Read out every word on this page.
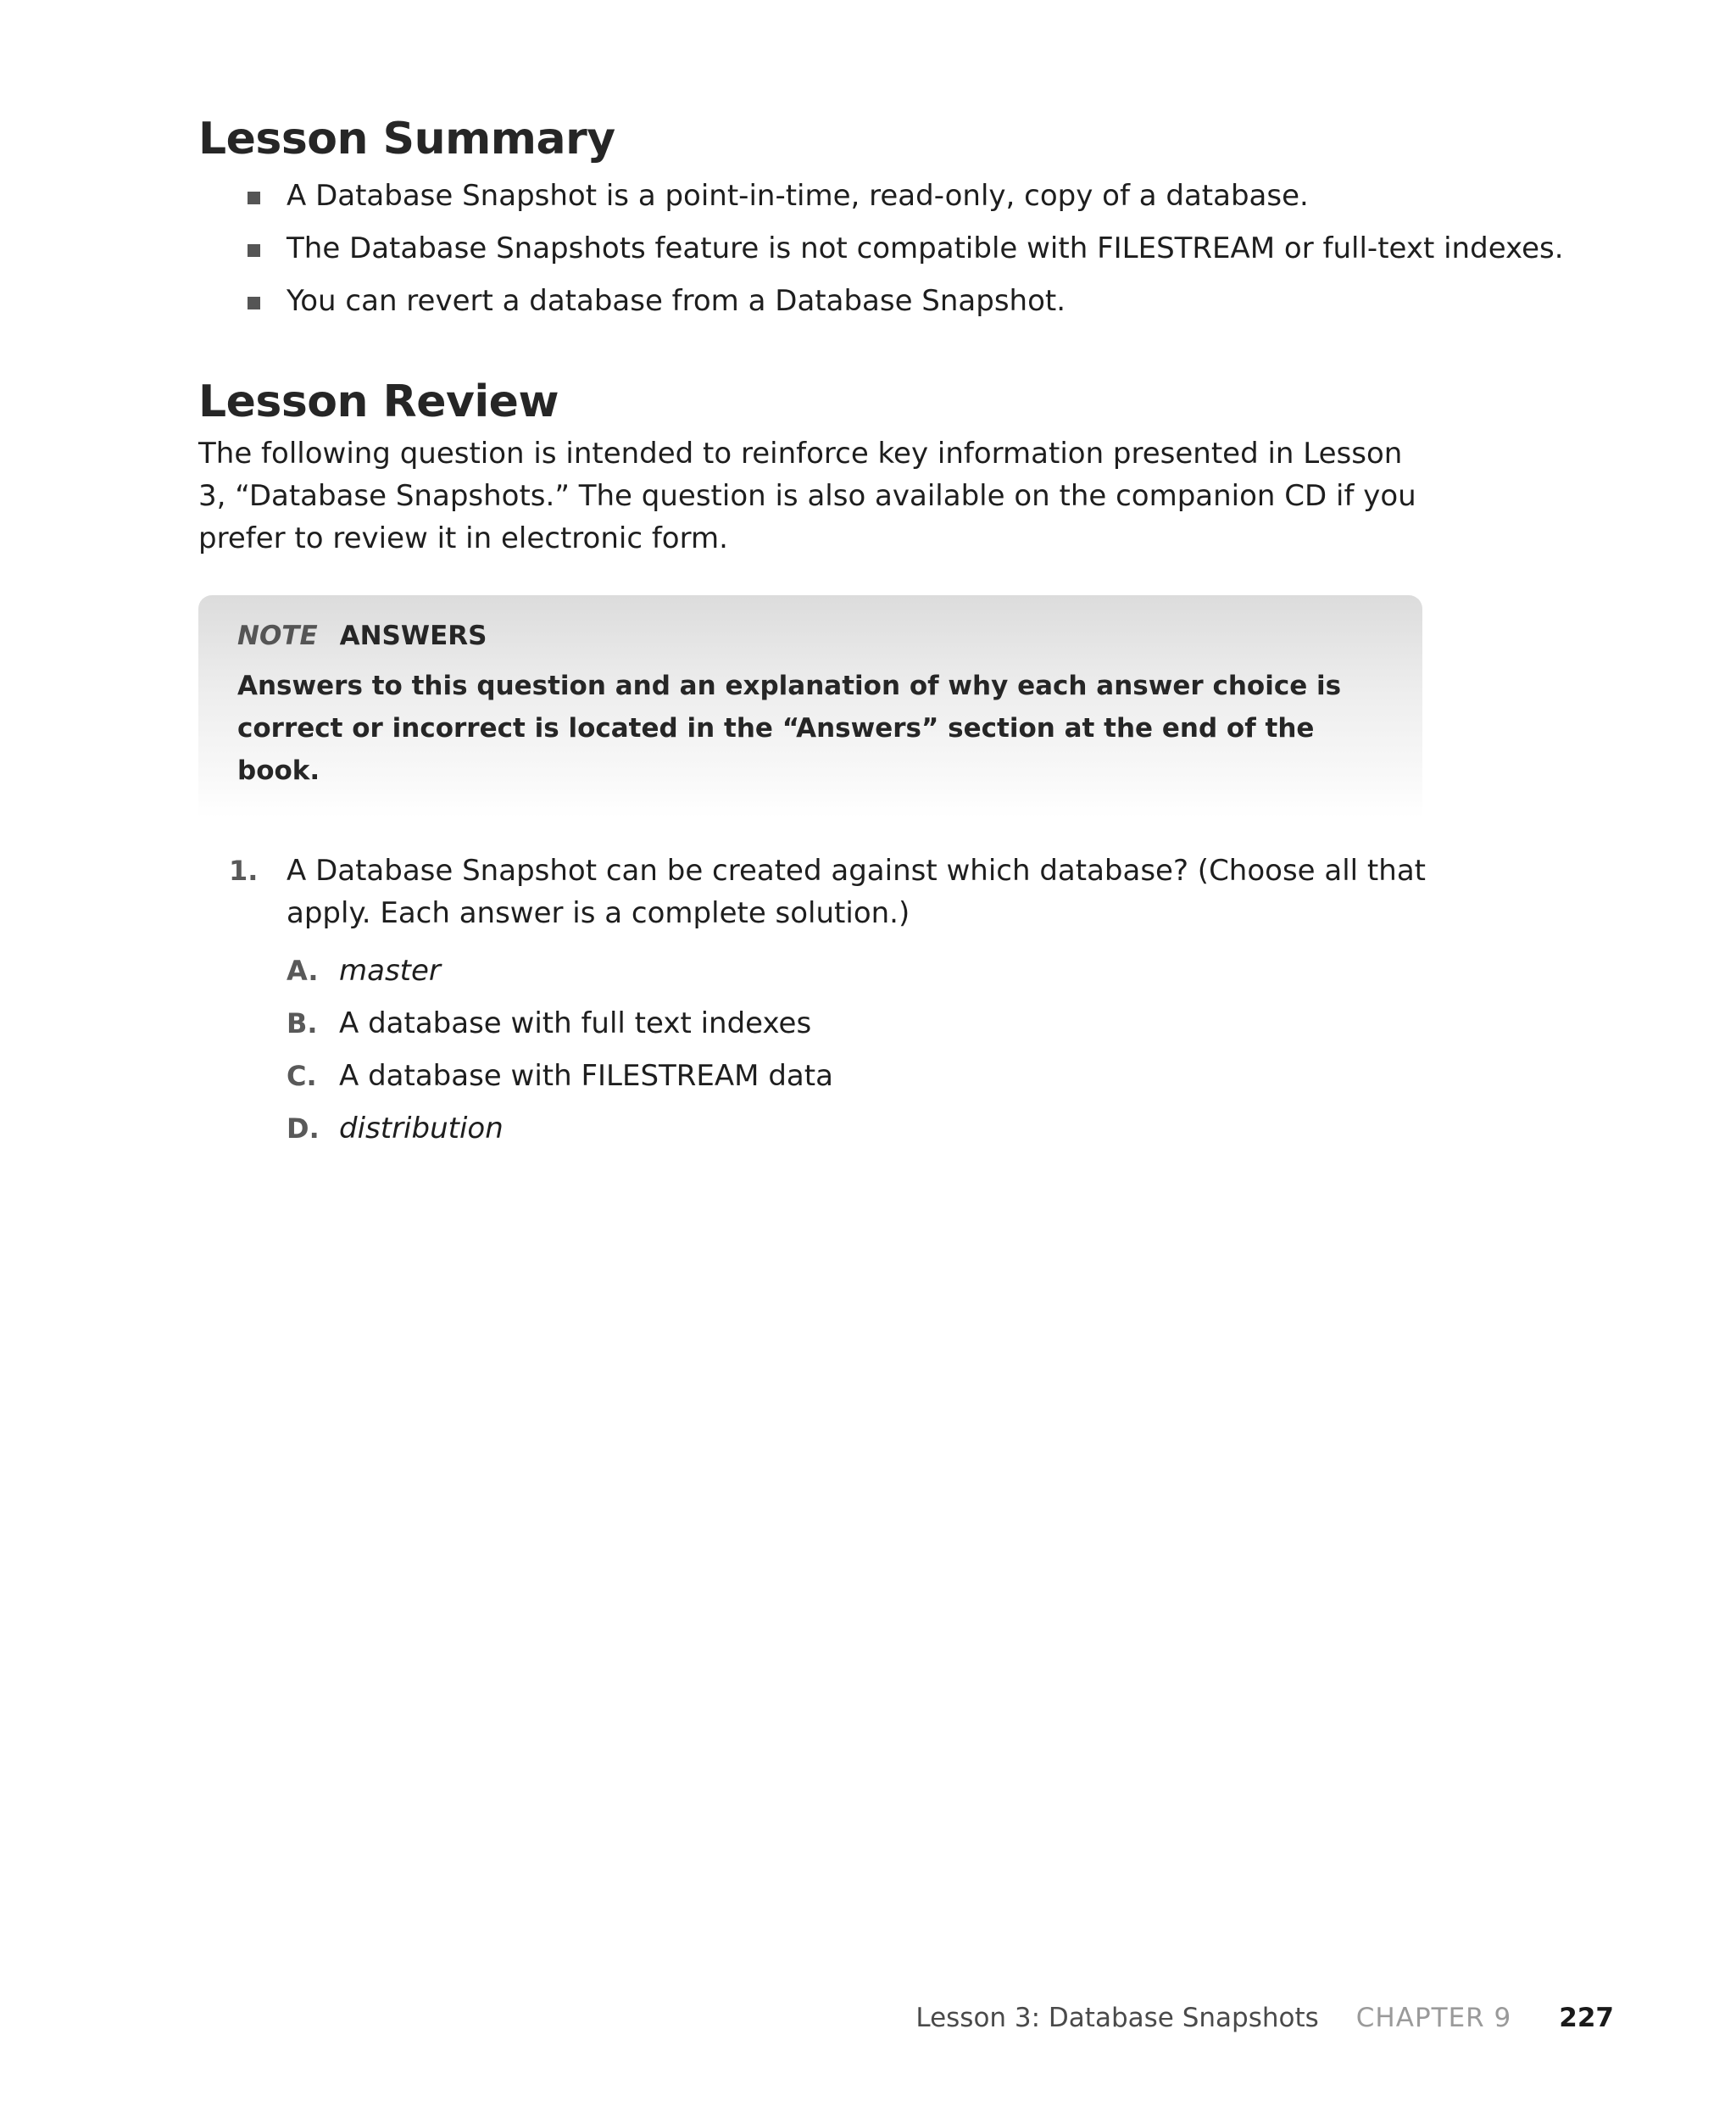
Lesson Summary
A Database Snapshot is a point-in-time, read-only, copy of a database.
The Database Snapshots feature is not compatible with FILESTREAM or full-text indexes.
You can revert a database from a Database Snapshot.
Lesson Review

The following question is intended to reinforce key information presented in Lesson 3, “Database Snapshots.” The question is also available on the companion CD if you prefer to review it in electronic form.

NOTE ANSWERS
Answers to this question and an explanation of why each answer choice is correct or incorrect is located in the “Answers” section at the end of the book.
1. A Database Snapshot can be created against which database? (Choose all that apply. Each answer is a complete solution.)
A. master
B. A database with full text indexes
C. A database with FILESTREAM data
D. distribution
Lesson 3: Database Snapshots CHAPTER 9 227
